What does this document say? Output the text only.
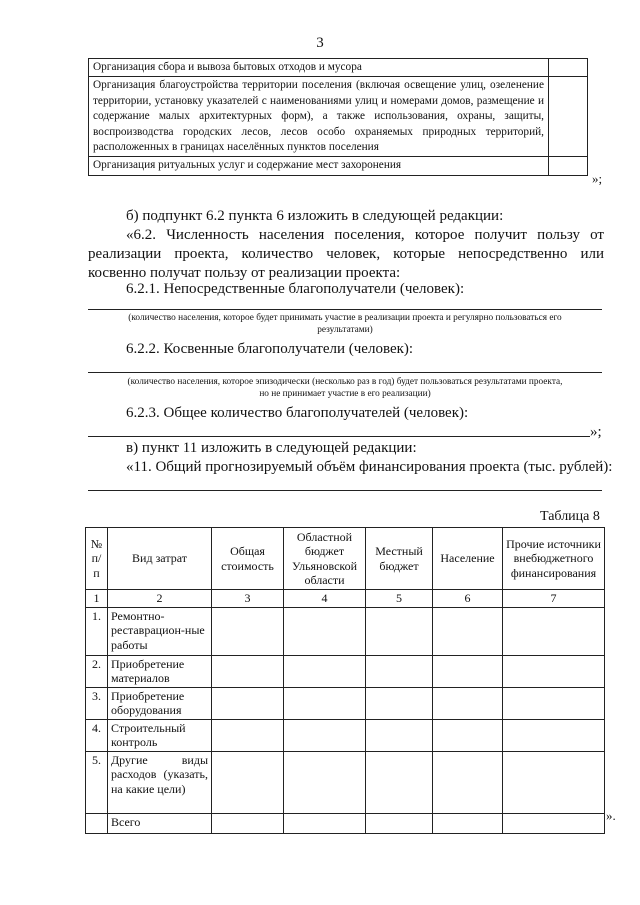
3
Организация сбора и вывоза бытовых отходов и мусора	
Организация благоустройства территории поселения (включая освещение улиц, озеленение территории, установку указателей с наименованиями улиц и номерами домов, размещение и содержание малых архитектурных форм), а также использования, охраны, защиты, воспроизводства городских лесов, лесов особо охраняемых природных территорий, расположенных в границах населённых пунктов поселения	
Организация ритуальных услуг и содержание мест захоронения	
»;

б) подпункт 6.2 пункта 6 изложить в следующей редакции:

«6.2. Численность населения поселения, которое получит пользу от реализации проекта, количество человек, которые непосредственно или косвенно получат пользу от реализации проекта:

6.2.1. Непосредственные благополучатели (человек):

(количество населения, которое будет принимать участие в реализации проекта и регулярно пользоваться его
результатами)

6.2.2. Косвенные благополучатели (человек):

(количество населения, которое эпизодически (несколько раз в год) будет пользоваться результатами проекта,
но не принимает участие в его реализации)

6.2.3. Общее количество благополучателей (человек):

»;

в) пункт 11 изложить в следующей редакции:

«11. Общий прогнозируемый объём финансирования проекта (тыс. рублей):

Таблица 8
№ п/п	Вид затрат	Общая стоимость	Областной бюджет Ульяновской области	Местный бюджет	Население	Прочие источники внебюджетного финансирования
1	2	3	4	5	6	7
1.	Ремонтно-реставрацион-ные работы					
2.	Приобретение материалов					
3.	Приобретение оборудования					
4.	Строительный контроль					
5.	Другие виды расходов (указать, на какие цели)					
	Всего						».
